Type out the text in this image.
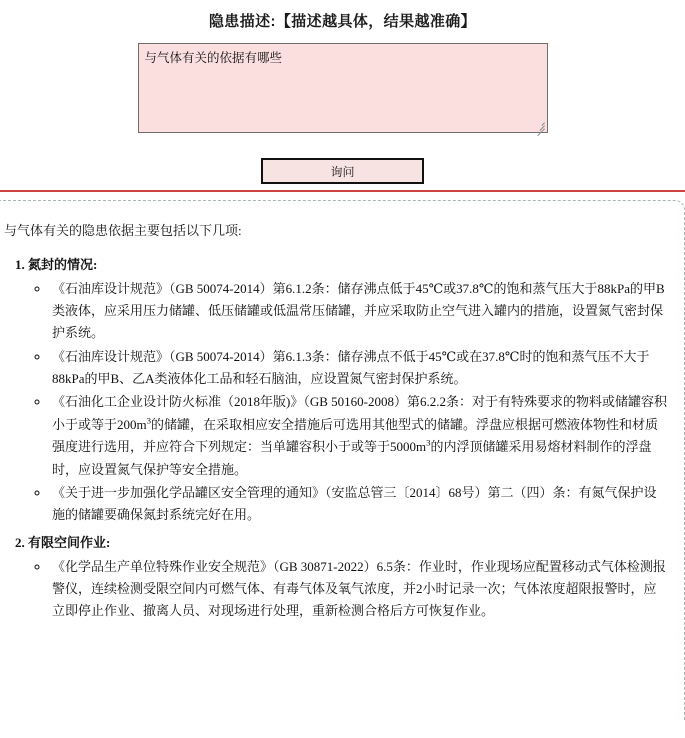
隐患描述:【描述越具体，结果越准确】
与气体有关的依据有哪些
询问
与气体有关的隐患依据主要包括以下几项:
1. 氮封的情况:
◦ 《石油库设计规范》（GB 50074-2014）第6.1.2条：储存沸点低于45℃或37.8℃的饱和蒸气压大于88kPa的甲B类液体，应采用压力储罐、低压储罐或低温常压储罐，并应采取防止空气进入罐内的措施，设置氮气密封保护系统。
◦ 《石油库设计规范》（GB 50074-2014）第6.1.3条：储存沸点不低于45℃或在37.8℃时的饱和蒸气压不大于88kPa的甲B、乙A类液体化工品和轻石脑油，应设置氮气密封保护系统。
◦ 《石油化工企业设计防火标准（2018年版)》（GB 50160-2008）第6.2.2条：对于有特殊要求的物料或储罐容积小于或等于$200m^3$的储罐，在采取相应安全措施后可选用其他型式的储罐。浮盘应根据可燃液体物性和材质强度进行选用，并应符合下列规定：当单罐容积小于或等于$5000m^3$的内浮顶储罐采用易熔材料制作的浮盘时，应设置氮气保护等安全措施。
◦ 《关于进一步加强化学品罐区安全管理的通知》（安监总管三〔2014〕68号）第二（四）条：有氮气保护设施的储罐要确保氮封系统完好在用。
2. 有限空间作业:
◦ 《化学品生产单位特殊作业安全规范》（GB 30871-2022）6.5条：作业时，作业现场应配置移动式气体检测报警仪，连续检测受限空间内可燃气体、有毒气体及氧气浓度，并2小时记录一次；气体浓度超限报警时，应立即停止作业、撤离人员、对现场进行处理，重新检测合格后方可恢复作业。
